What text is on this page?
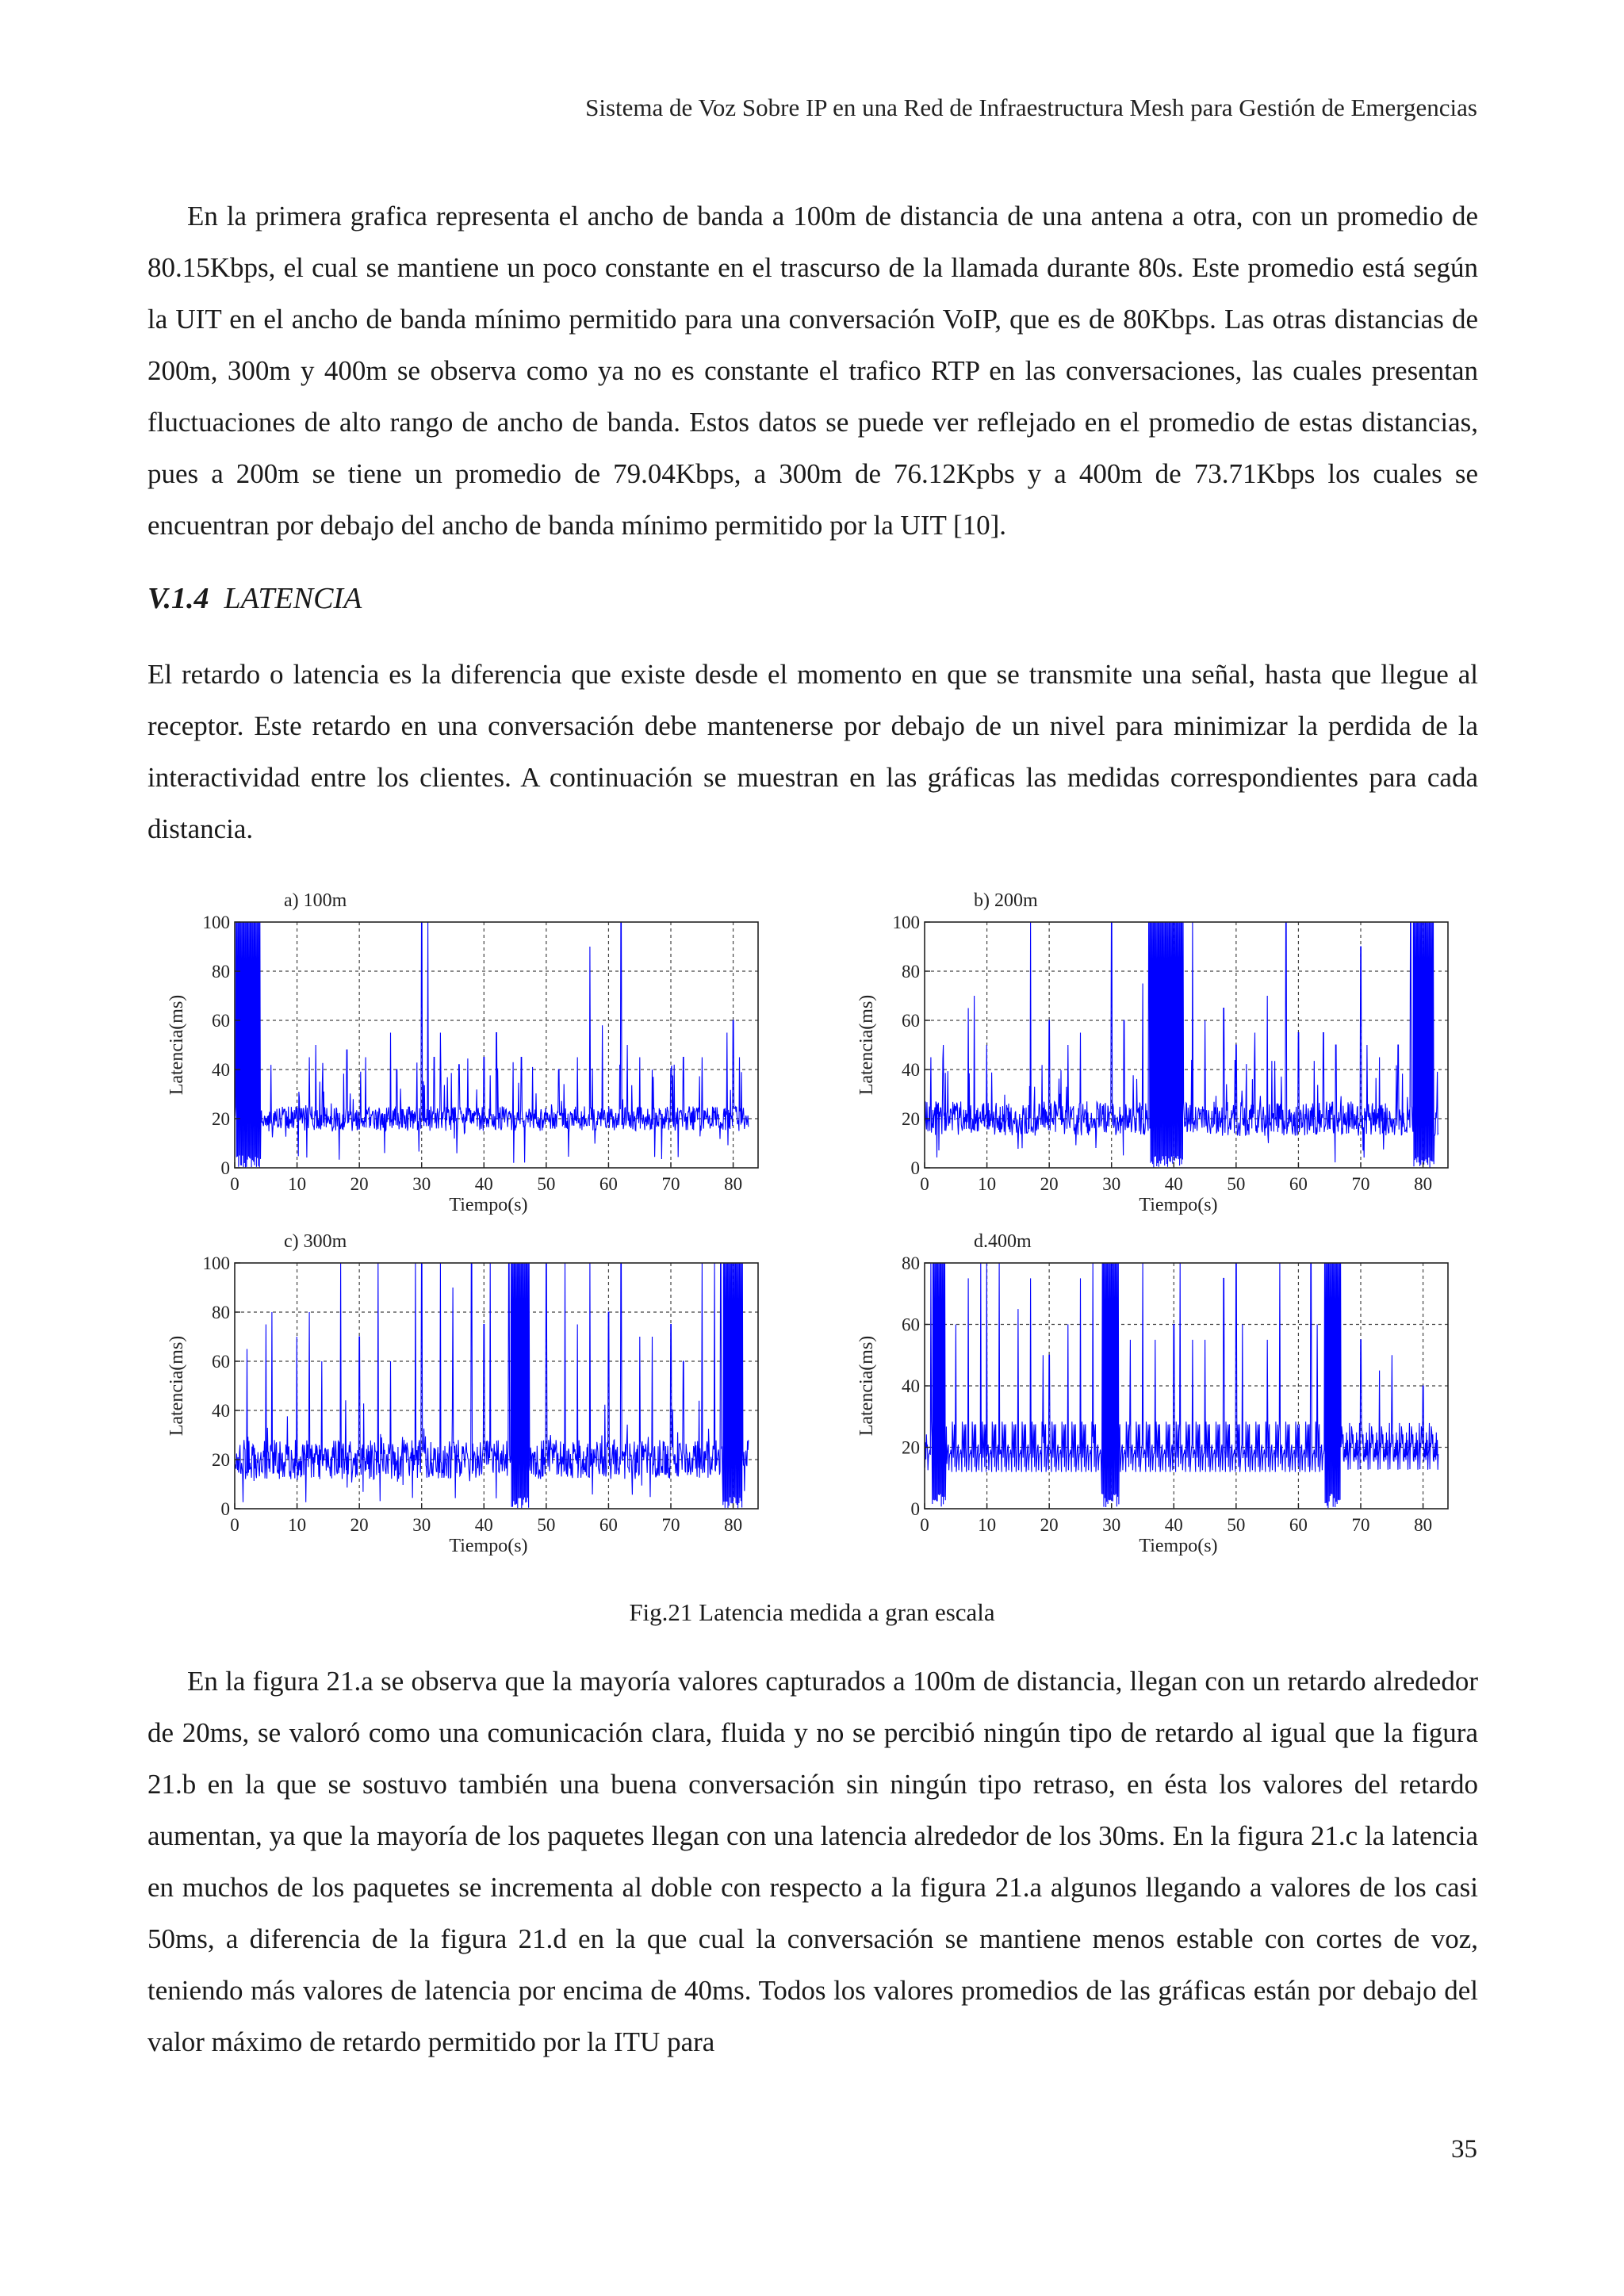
Sistema de Voz Sobre IP en una Red de Infraestructura Mesh para Gestión de Emergencias

En la primera grafica representa el ancho de banda a 100m de distancia de una antena a otra, con un promedio de 80.15Kbps, el cual se mantiene un poco constante en el trascurso de la llamada durante 80s. Este promedio está según la UIT en el ancho de banda mínimo permitido para una conversación VoIP, que es de 80Kbps. Las otras distancias de 200m, 300m y 400m se observa como ya no es constante el trafico RTP en las conversaciones, las cuales presentan fluctuaciones de alto rango de ancho de banda. Estos datos se puede ver reflejado en el promedio de estas distancias, pues a 200m se tiene un promedio de 79.04Kbps, a 300m de 76.12Kpbs y a 400m de 73.71Kbps los cuales se encuentran por debajo del ancho de banda mínimo permitido por la UIT [10].

V.1.4 LATENCIA

El retardo o latencia es la diferencia que existe desde el momento en que se transmite una señal, hasta que llegue al receptor. Este retardo en una conversación debe mantenerse por debajo de un nivel para minimizar la perdida de la interactividad entre los clientes. A continuación se muestran en las gráficas las medidas correspondientes para cada distancia.

a) 100m
0	10 20 30 40 50 60 70 80
0
20
40
60
80
100
Tiempo(s)
Latencia(ms)
b) 200m
0	10 20 30 40 50 60 70 80
0
20
40
60
80
100
Tiempo(s)
Latencia(ms)
c) 300m
0	10 20 30 40 50 60 70 80
0
20
40
60
80
100
Tiempo(s)
Latencia(ms)
d.400m
0	10 20 30 40 50 60 70 80
0
20
40
60
80
Tiempo(s)
Latencia(ms)
Fig.21 Latencia medida a gran escala

En la figura 21.a se observa que la mayoría valores capturados a 100m de distancia, llegan con un retardo alrededor de 20ms, se valoró como una comunicación clara, fluida y no se percibió ningún tipo de retardo al igual que la figura 21.b en la que se sostuvo también una buena conversación sin ningún tipo retraso, en ésta los valores del retardo aumentan, ya que la mayoría de los paquetes llegan con una latencia alrededor de los 30ms. En la figura 21.c la latencia en muchos de los paquetes se incrementa al doble con respecto a la figura 21.a algunos llegando a valores de los casi 50ms, a diferencia de la figura 21.d en la que cual la conversación se mantiene menos estable con cortes de voz, teniendo más valores de latencia por encima de 40ms. Todos los valores promedios de las gráficas están por debajo del valor máximo de retardo permitido por la ITU para

35
